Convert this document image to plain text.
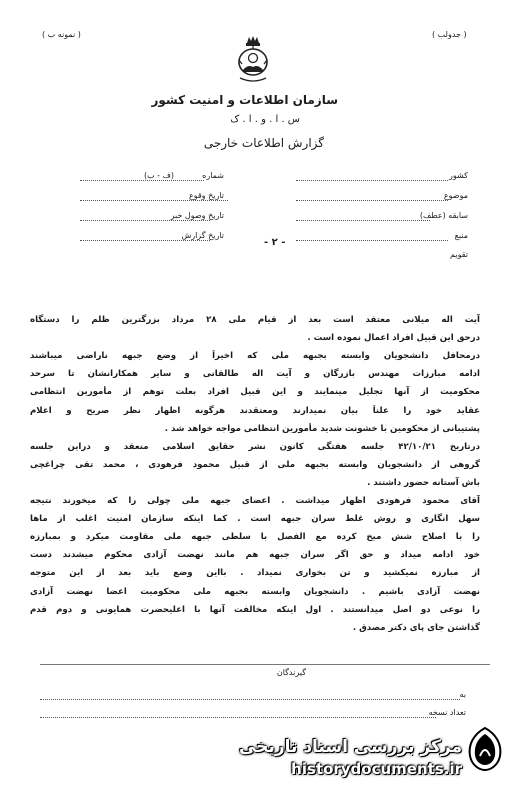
( جدولب )
( نمونه ب )
سازمان اطلاعات و امنیت کشور
س . ا . و . ا . ک
گزارش اطلاعات خارجی
کشور
موضوع
سابقه (عطف)
منبع
تقویم
شماره
(ف - ب)
تاریخ وقوع
تاریخ وصول خبر
تاریخ گزارش
- ۲ -
آیت اله میلانی معتقد است بعد از قیام ملی ۲۸ مرداد بزرگترین ظلم را دستگاه
درحق این قبیل افراد اعمال نموده است .
درمحافل دانشجویان وابسته بجبهه ملی که اخیراً از وضع جبهه ناراضی میباشند
ادامه مبارزات مهندس بازرگان و آیت اله طالقانی و سایر همکارانشان تا سرحد
محکومیت از آنها تجلیل مینمایند و این قبیل افراد بعلت توهم از مأمورین انتظامی
عقاید خود را علناً بیان نمیدارند ومعتقدند هرگونه اظهار نظر صریح و اعلام
پشتیبانی از محکومین با خشونت شدید مأمورین انتظامی مواجه خواهد شد .
درتاریخ ۴۲/۱۰/۲۱ جلسه هفتگی کانون نشر حقایق اسلامی منعقد و دراین جلسه
گروهی از دانشجویان وابسته بجبهه ملی از قبیل محمود فرهودی ، محمد تقی چراغچی
باش آستانه حضور داشتند .
آقای محمود فرهودی اظهار میداشت . اعضای جبهه ملی چولی را که میخورند نتیجه
سهل انگاری و روش غلط سران جبهه است . کما اینکه سازمان امنیت اغلب از ماها
را با اصلاح شش میخ کرده مع الفصل با سلطی جبهه ملی مقاومت میکرد و بمبارزه
خود ادامه میداد و حق اگر سران جبهه هم مانند نهضت آزادی محکوم میشدند دست
از مبارزه نمیکشید و تن بخواری نمیداد . بااین وضع باید بعد از این متوجه
نهضت آزادی باشیم . دانشجویان وابسته بجبهه ملی محکومیت اعضا نهضت آزادی
را نوعی دو اصل میدانستند . اول اینکه مخالفت آنها با اعلیحضرت همایونی و دوم قدم
گذاشتن جای پای دکتر مصدق .
گیرندگان
به
تعداد نسخه
مرکز بررسی اسناد تاریخی
historydocuments.ir
